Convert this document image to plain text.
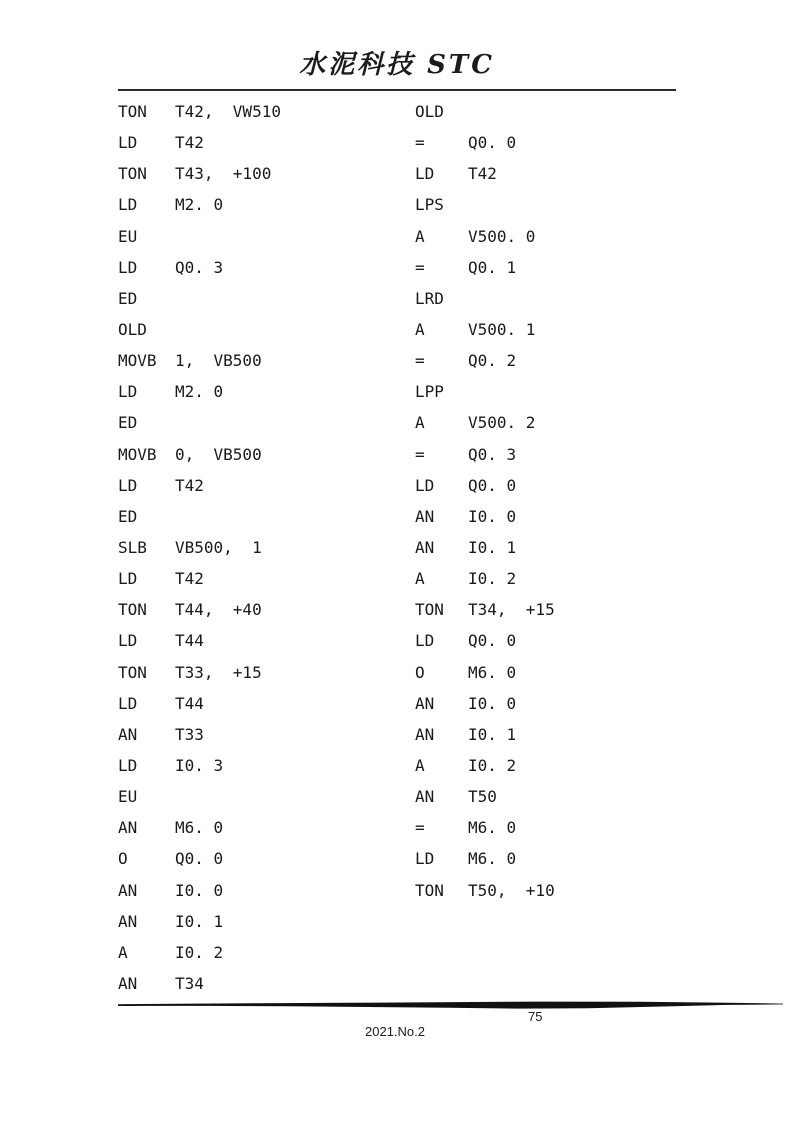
水泥科技 STC
TON T42,  VW510
LD T42
TON T43,  +100
LD M2. 0
EU
LD Q0. 3
ED
OLD
MOVB 1,  VB500
LD M2. 0
ED
MOVB 0,  VB500
LD T42
ED
SLB VB500,  1
LD T42
TON T44,  +40
LD T44
TON T33,  +15
LD T44
AN T33
LD I0. 3
EU
AN M6. 0
O	Q0. 0
AN I0. 0
AN I0. 1
A	I0. 2
AN T34
OLD
=	Q0. 0
LD T42
LPS
A	V500. 0
=	Q0. 1
LRD
A	V500. 1
=	Q0. 2
LPP
A	V500. 2
=	Q0. 3
LD Q0. 0
AN I0. 0
AN I0. 1
A	I0. 2
TON T34,  +15
LD Q0. 0
O	M6. 0
AN I0. 0
AN I0. 1
A	I0. 2
AN T50
=	M6. 0
LD M6. 0
TON T50,  +10
75
2021.No.2
